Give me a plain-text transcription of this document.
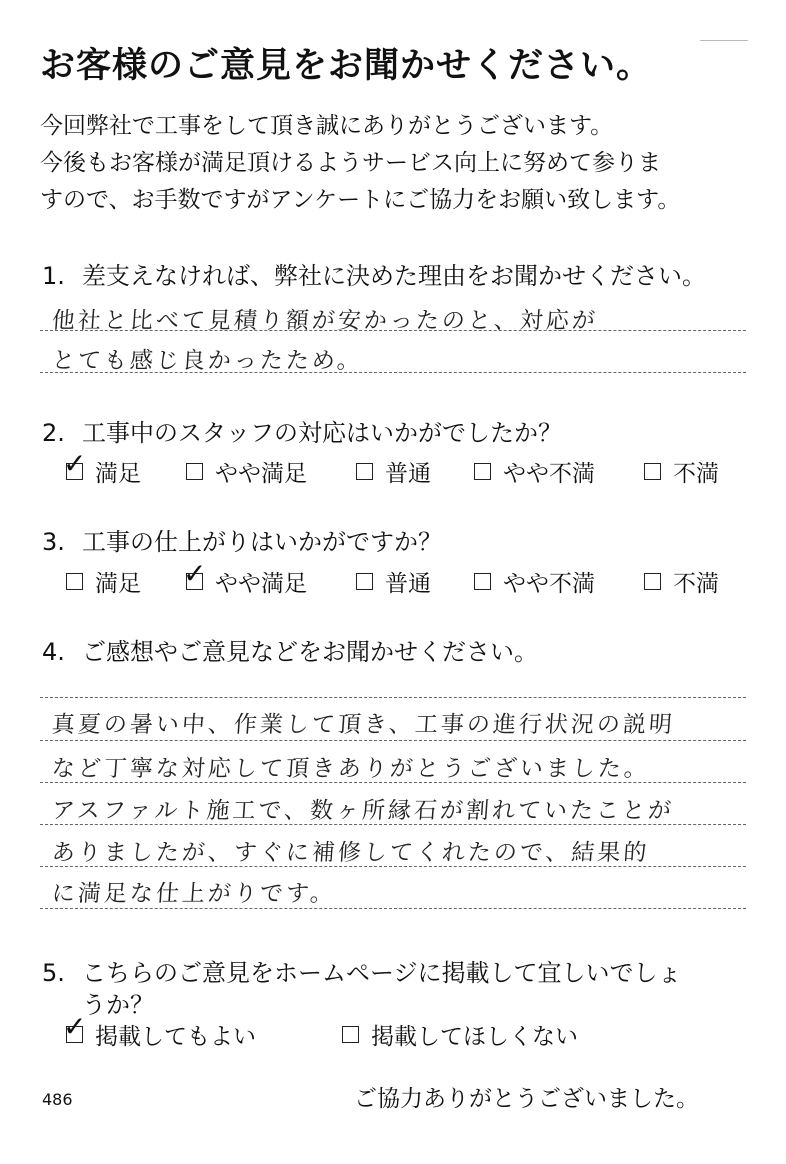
お客様のご意見をお聞かせください。
今回弊社で工事をして頂き誠にありがとうございます。
今後もお客様が満足頂けるようサービス向上に努めて参りま
すので、お手数ですがアンケートにご協力をお願い致します。
1. 差支えなければ、弊社に決めた理由をお聞かせください。
他社と比べて見積り額が安かったのと、対応が
とても感じ良かったため。
2. 工事中のスタッフの対応はいかがでしたか？
✓ 満足	やや満足	普通	やや不満	不満
3. 工事の仕上がりはいかがですか？
満足 ✓ やや満足	普通	やや不満	不満
4. ご感想やご意見などをお聞かせください。
真夏の暑い中、作業して頂き、工事の進行状況の説明
など丁寧な対応して頂きありがとうございました。
アスファルト施工で、数ヶ所縁石が割れていたことが
ありましたが、すぐに補修してくれたので、結果的
に満足な仕上がりです。
5. こちらのご意見をホームページに掲載して宜しいでしょ
うか？
✓ 掲載してもよい	掲載してほしくない
486	ご協力ありがとうございました。
